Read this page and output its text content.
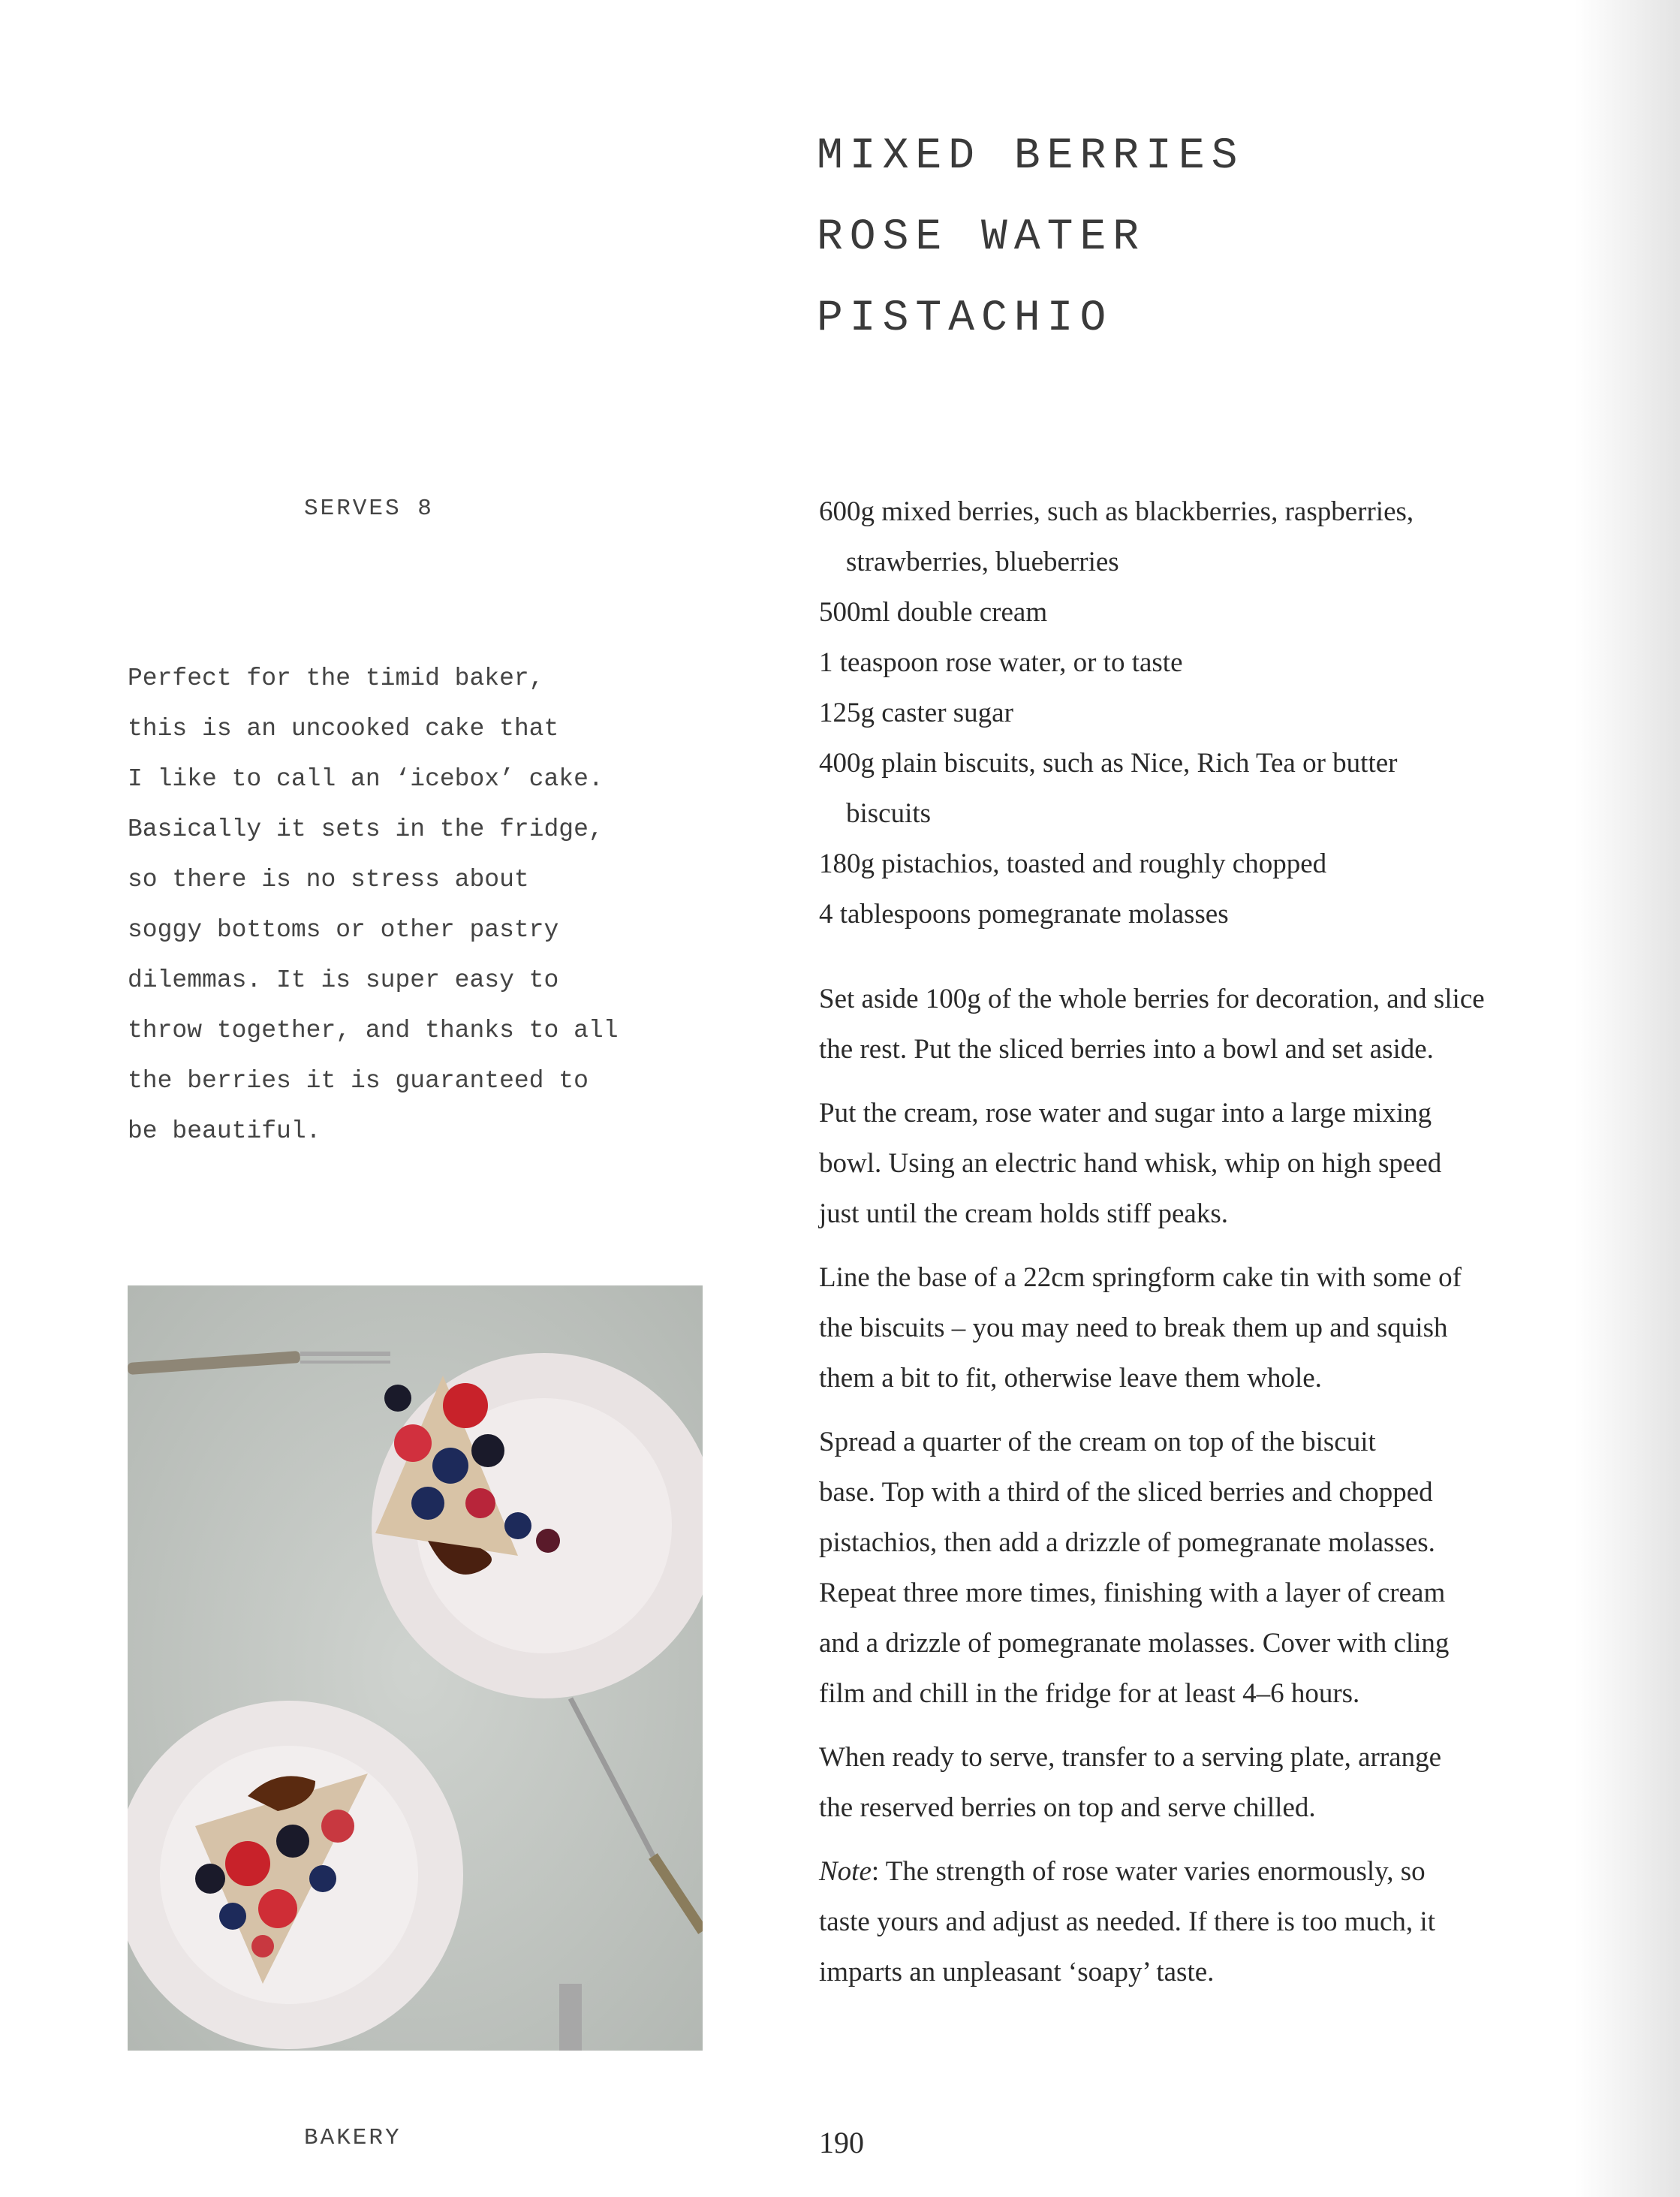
MIXED BERRIES
ROSE WATER
PISTACHIO
SERVES 8
Perfect for the timid baker,
this is an uncooked cake that
I like to call an ‘icebox’ cake.
Basically it sets in the fridge,
so there is no stress about
soggy bottoms or other pastry
dilemmas. It is super easy to
throw together, and thanks to all
the berries it is guaranteed to
be beautiful.
600g mixed berries, such as blackberries, raspberries,
strawberries, blueberries
500ml double cream
1 teaspoon rose water, or to taste
125g caster sugar
400g plain biscuits, such as Nice, Rich Tea or butter
biscuits
180g pistachios, toasted and roughly chopped
4 tablespoons pomegranate molasses

Set aside 100g of the whole berries for decoration, and slice
the rest. Put the sliced berries into a bowl and set aside.

Put the cream, rose water and sugar into a large mixing
bowl. Using an electric hand whisk, whip on high speed
just until the cream holds stiff peaks.

Line the base of a 22cm springform cake tin with some of
the biscuits – you may need to break them up and squish
them a bit to fit, otherwise leave them whole.

Spread a quarter of the cream on top of the biscuit
base. Top with a third of the sliced berries and chopped
pistachios, then add a drizzle of pomegranate molasses.
Repeat three more times, finishing with a layer of cream
and a drizzle of pomegranate molasses. Cover with cling
film and chill in the fridge for at least 4–6 hours.

When ready to serve, transfer to a serving plate, arrange
the reserved berries on top and serve chilled.

Note: The strength of rose water varies enormously, so
taste yours and adjust as needed. If there is too much, it
imparts an unpleasant ‘soapy’ taste.

BAKERY	190
